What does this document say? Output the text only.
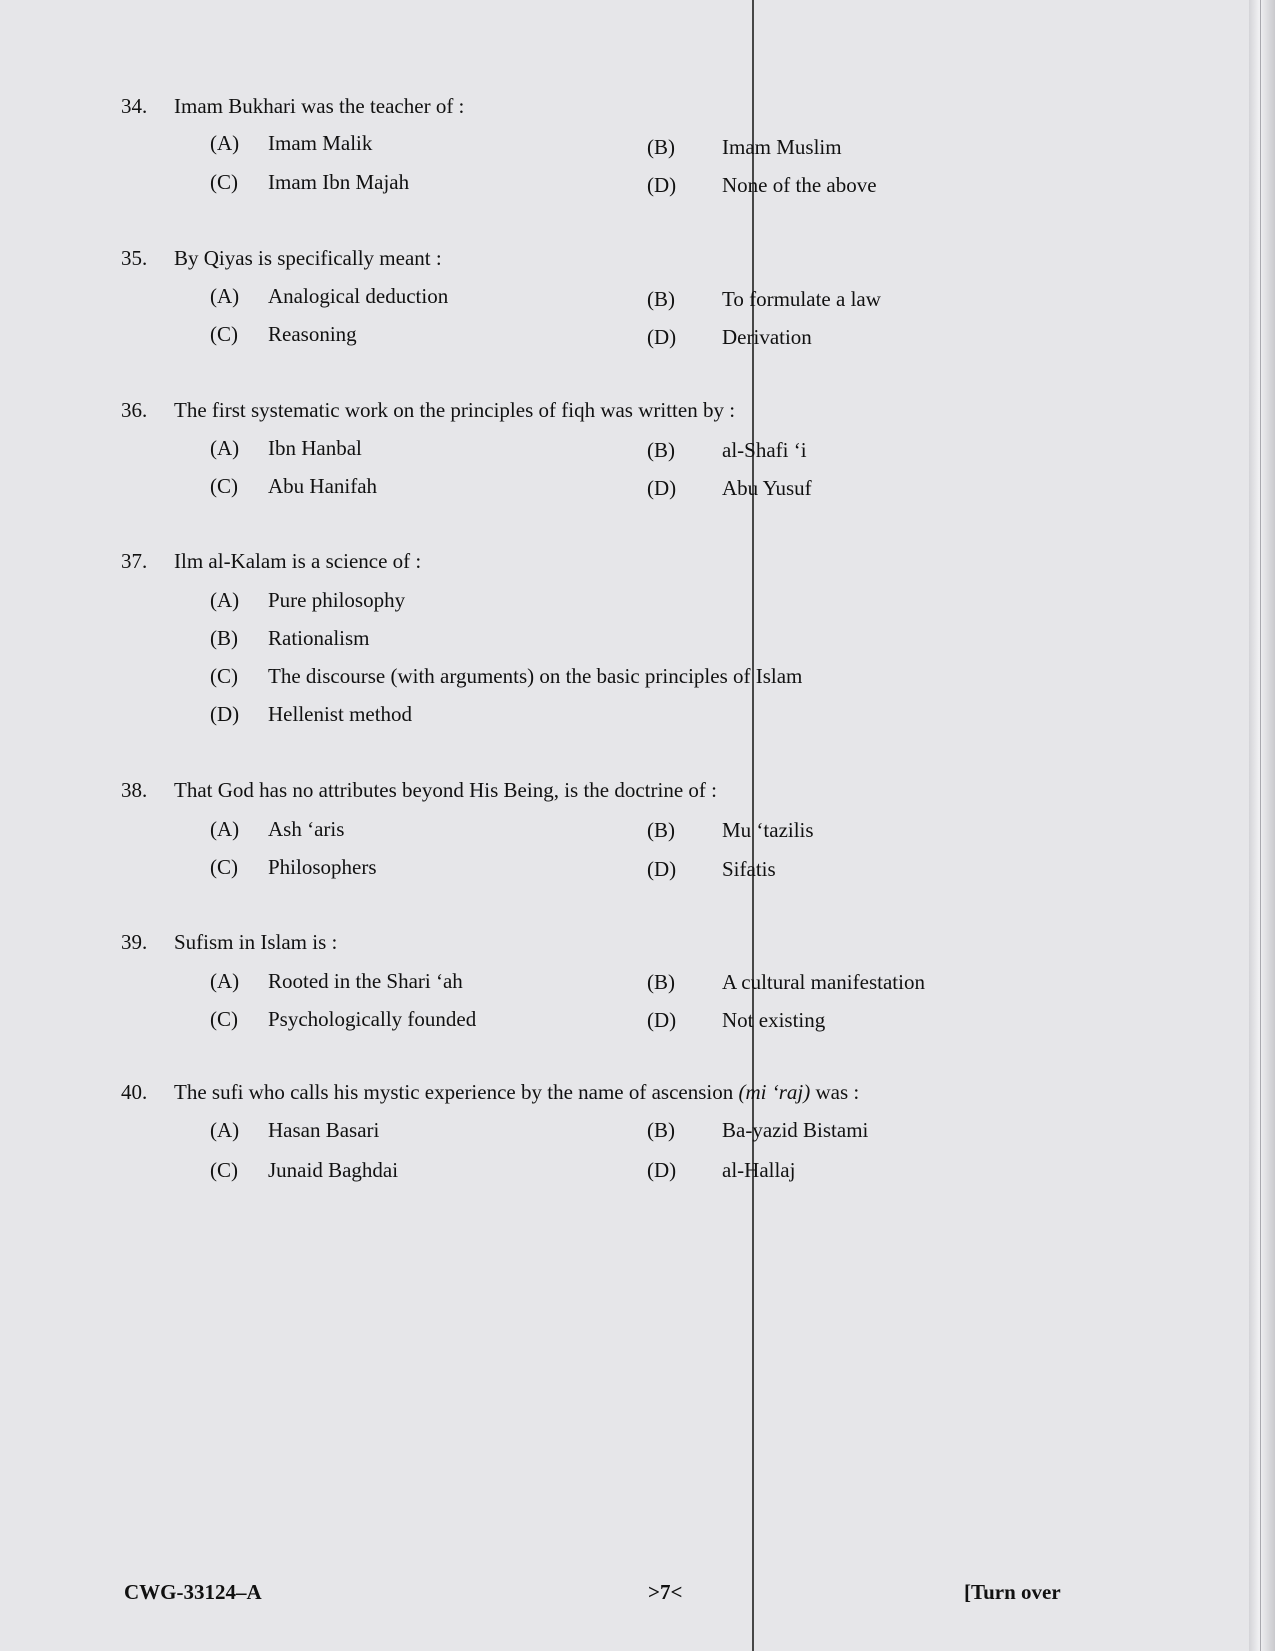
34. Imam Bukhari was the teacher of :
(A) Imam Malik	(B) Imam Muslim
(C) Imam Ibn Majah	(D) None of the above
35. By Qiyas is specifically meant :
(A) Analogical deduction	(B) To formulate a law
(C) Reasoning	(D) Derivation
36. The first systematic work on the principles of fiqh was written by :
(A) Ibn Hanbal	(B) al-Shafi ‘i
(C) Abu Hanifah	(D) Abu Yusuf
37. Ilm al-Kalam is a science of :
(A) Pure philosophy
(B) Rationalism
(C) The discourse (with arguments) on the basic principles of Islam
(D) Hellenist method
38. That God has no attributes beyond His Being, is the doctrine of :
(A) Ash ‘aris	(B) Mu ‘tazilis
(C) Philosophers	(D) Sifatis
39. Sufism in Islam is :
(A) Rooted in the Shari ‘ah	(B) A cultural manifestation
(C) Psychologically founded	(D) Not existing
40. The sufi who calls his mystic experience by the name of ascension (mi ‘raj) was :
(A) Hasan Basari	(B) Ba-yazid Bistami
(C) Junaid Baghdai	(D) al-Hallaj
CWG-33124–A	>7<	[Turn over
